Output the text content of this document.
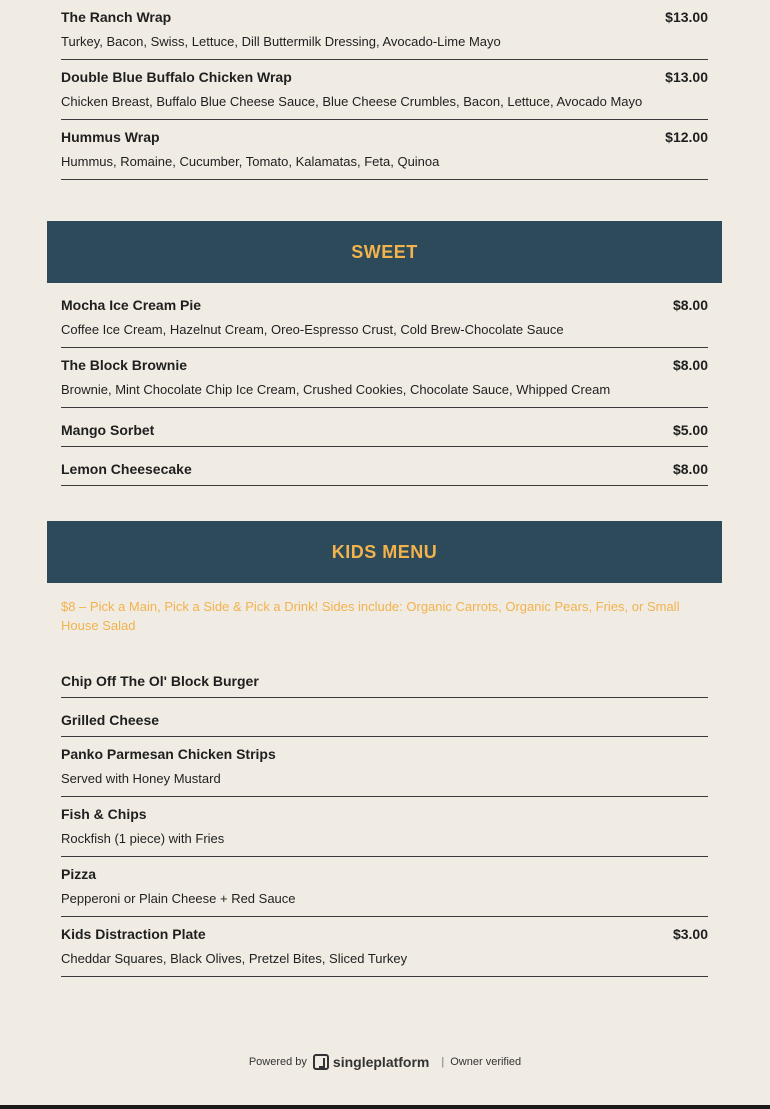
The Ranch Wrap	$13.00
Turkey, Bacon, Swiss, Lettuce, Dill Buttermilk Dressing, Avocado-Lime Mayo
Double Blue Buffalo Chicken Wrap	$13.00
Chicken Breast, Buffalo Blue Cheese Sauce, Blue Cheese Crumbles, Bacon, Lettuce, Avocado Mayo
Hummus Wrap	$12.00
Hummus, Romaine, Cucumber, Tomato, Kalamatas, Feta, Quinoa
SWEET
Mocha Ice Cream Pie	$8.00
Coffee Ice Cream, Hazelnut Cream, Oreo-Espresso Crust, Cold Brew-Chocolate Sauce
The Block Brownie	$8.00
Brownie, Mint Chocolate Chip Ice Cream, Crushed Cookies, Chocolate Sauce, Whipped Cream
Mango Sorbet	$5.00
Lemon Cheesecake	$8.00
KIDS MENU
$8 – Pick a Main, Pick a Side & Pick a Drink! Sides include: Organic Carrots, Organic Pears, Fries, or Small House Salad
Chip Off The Ol' Block Burger
Grilled Cheese
Panko Parmesan Chicken Strips
Served with Honey Mustard
Fish & Chips
Rockfish (1 piece) with Fries
Pizza
Pepperoni or Plain Cheese + Red Sauce
Kids Distraction Plate	$3.00
Cheddar Squares, Black Olives, Pretzel Bites, Sliced Turkey
Powered by singleplatform | Owner verified
